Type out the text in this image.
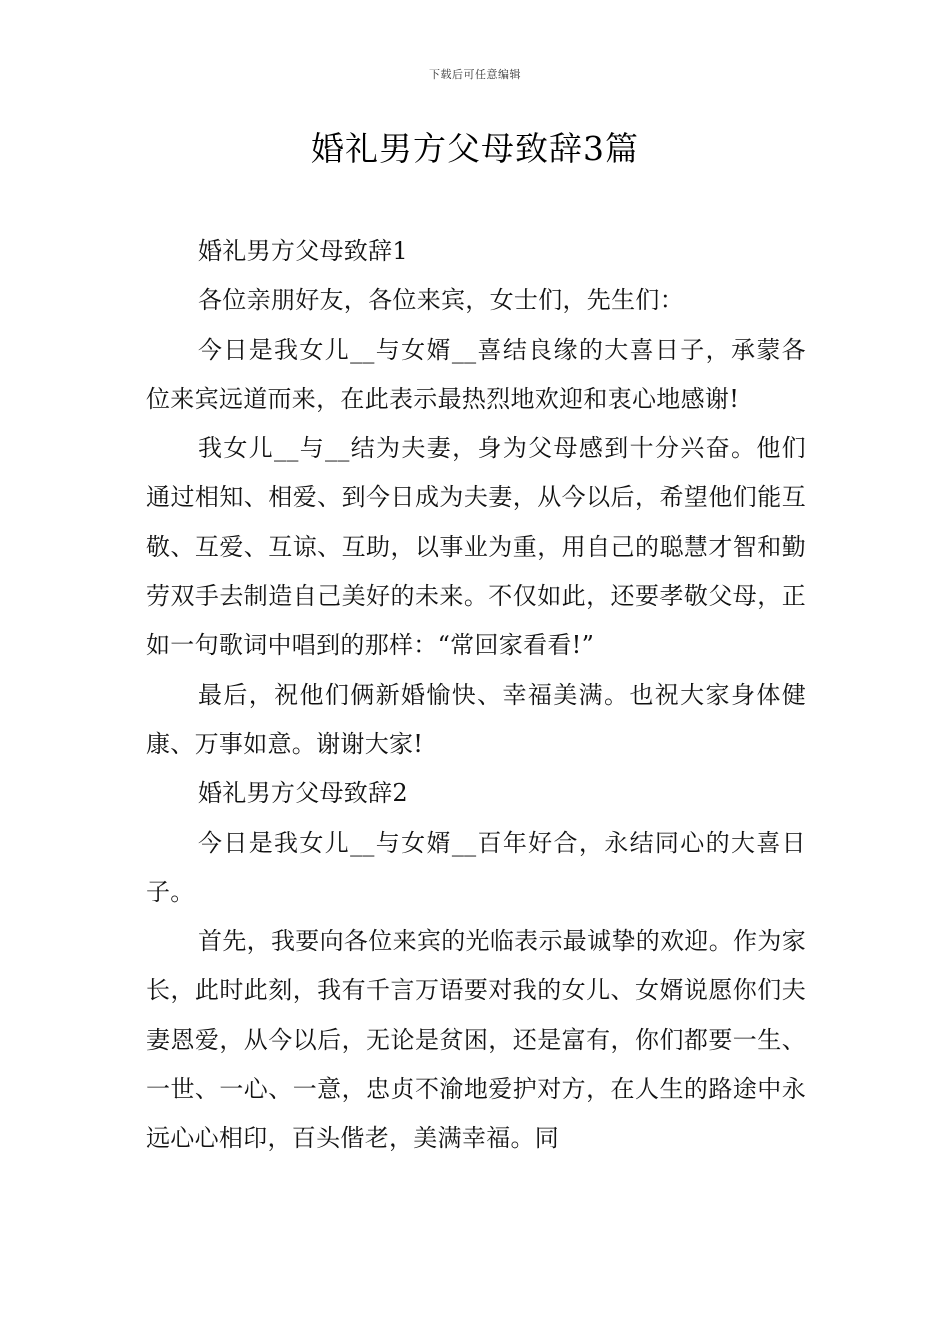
下载后可任意编辑
婚礼男方父母致辞3篇

婚礼男方父母致辞1

各位亲朋好友，各位来宾，女士们，先生们：

今日是我女儿__与女婿__喜结良缘的大喜日子，承蒙各位来宾远道而来，在此表示最热烈地欢迎和衷心地感谢!

我女儿__与__结为夫妻，身为父母感到十分兴奋。他们通过相知、相爱、到今日成为夫妻，从今以后，希望他们能互敬、互爱、互谅、互助，以事业为重，用自己的聪慧才智和勤劳双手去制造自己美好的未来。不仅如此，还要孝敬父母，正如一句歌词中唱到的那样：“常回家看看!”

最后，祝他们俩新婚愉快、幸福美满。也祝大家身体健康、万事如意。谢谢大家!

婚礼男方父母致辞2

今日是我女儿__与女婿__百年好合，永结同心的大喜日子。

首先，我要向各位来宾的光临表示最诚挚的欢迎。作为家长，此时此刻，我有千言万语要对我的女儿、女婿说愿你们夫妻恩爱，从今以后，无论是贫困，还是富有，你们都要一生、一世、一心、一意，忠贞不渝地爱护对方，在人生的路途中永远心心相印，百头偕老，美满幸福。同
